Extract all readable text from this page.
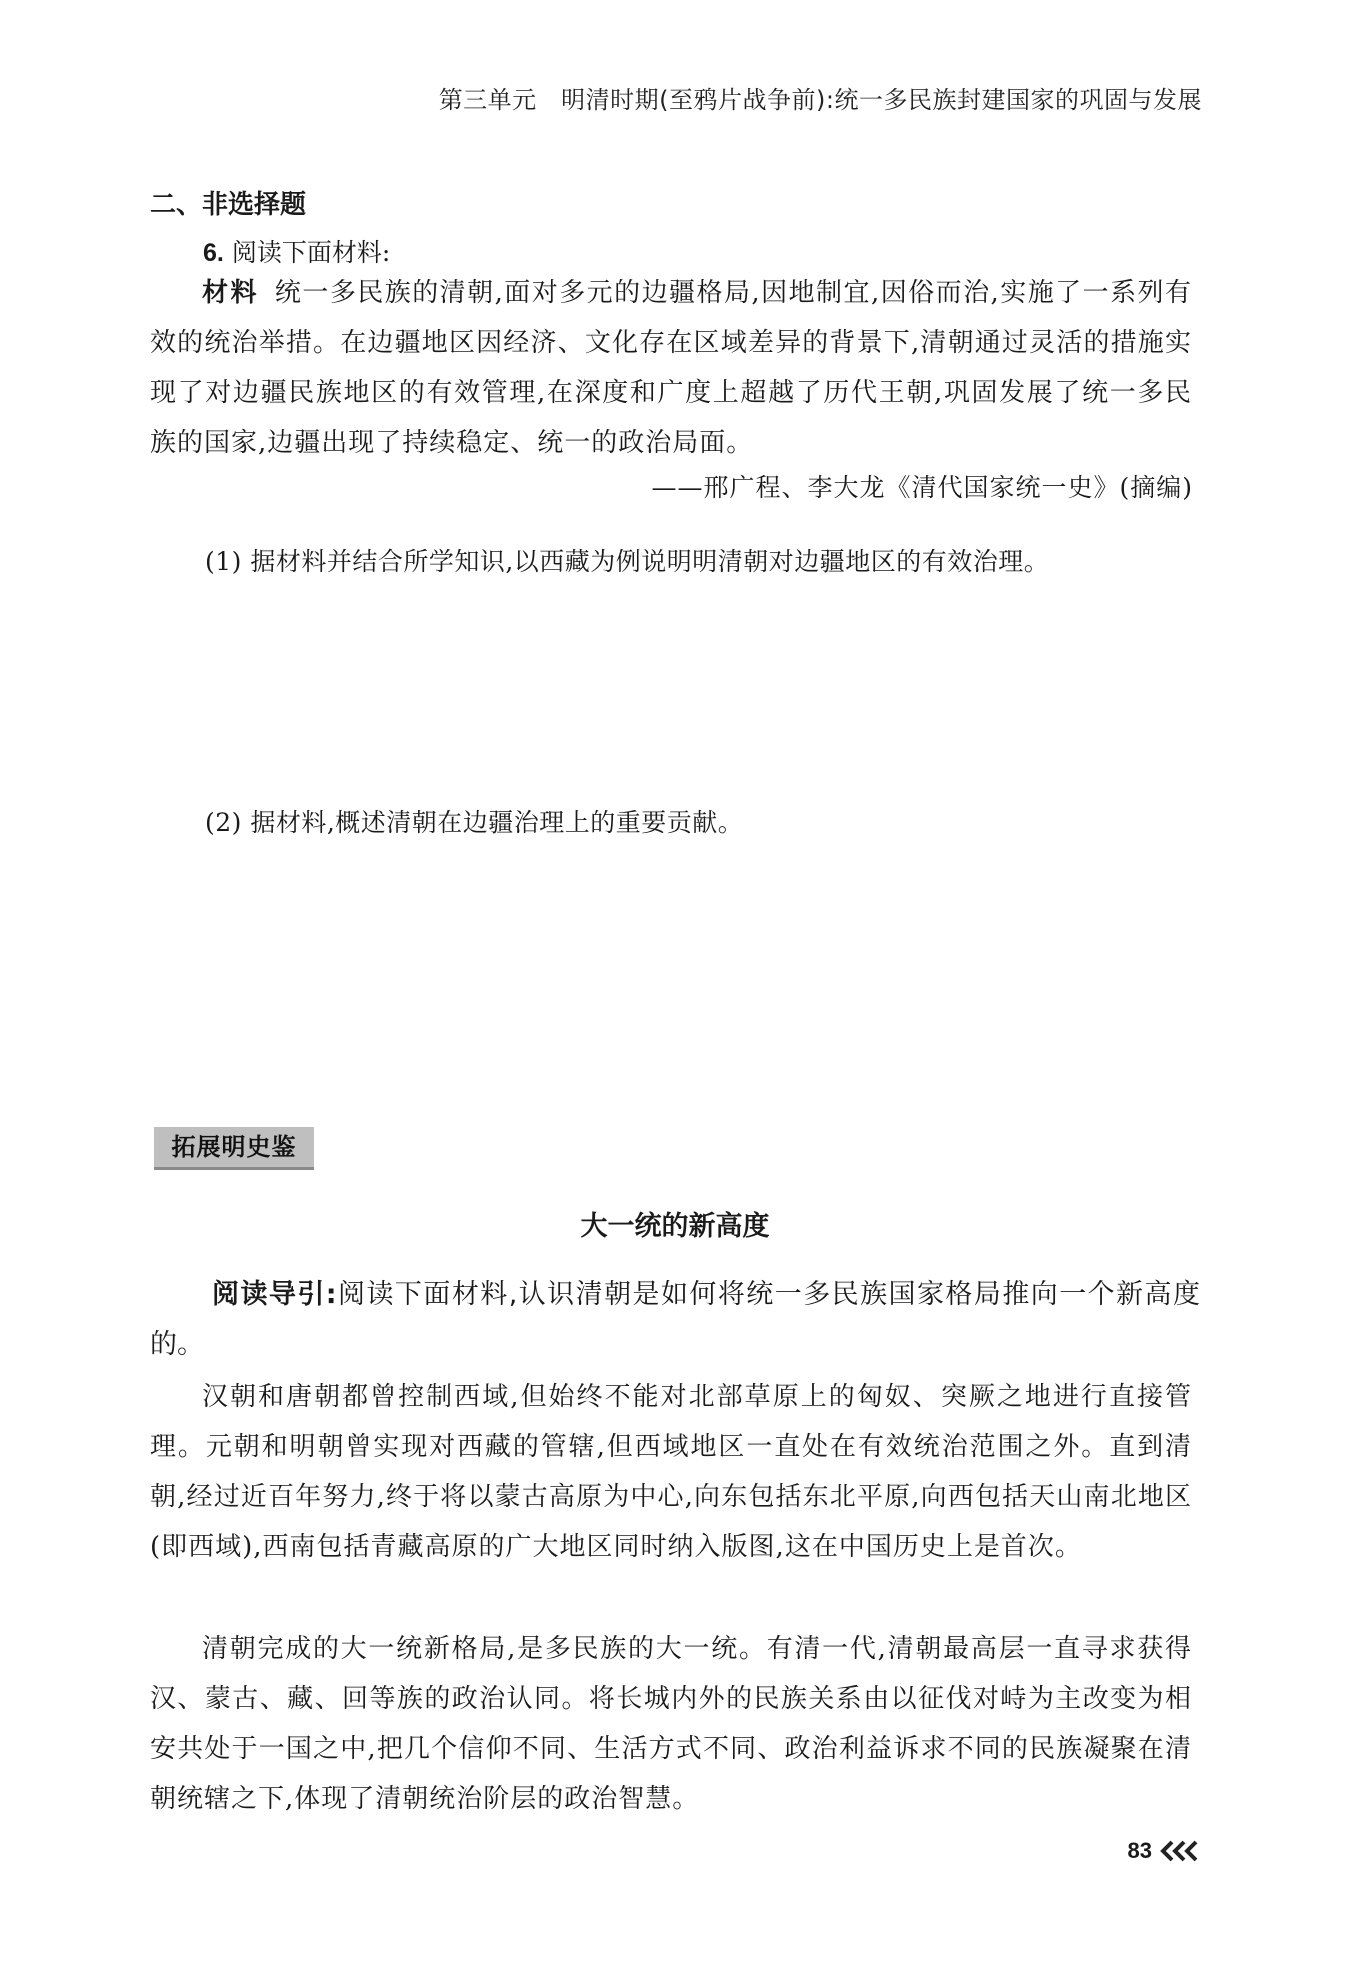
第三单元　明清时期(至鸦片战争前):统一多民族封建国家的巩固与发展
二、非选择题
6. 阅读下面材料:
材料 统一多民族的清朝,面对多元的边疆格局,因地制宜,因俗而治,实施了一系列有效的统治举措。在边疆地区因经济、文化存在区域差异的背景下,清朝通过灵活的措施实现了对边疆民族地区的有效管理,在深度和广度上超越了历代王朝,巩固发展了统一多民族的国家,边疆出现了持续稳定、统一的政治局面。
——邢广程、李大龙《清代国家统一史》(摘编)
(1) 据材料并结合所学知识,以西藏为例说明明清朝对边疆地区的有效治理。
(2) 据材料,概述清朝在边疆治理上的重要贡献。
拓展明史鉴
大一统的新高度
阅读导引:阅读下面材料,认识清朝是如何将统一多民族国家格局推向一个新高度的。
汉朝和唐朝都曾控制西域,但始终不能对北部草原上的匈奴、突厥之地进行直接管理。元朝和明朝曾实现对西藏的管辖,但西域地区一直处在有效统治范围之外。直到清朝,经过近百年努力,终于将以蒙古高原为中心,向东包括东北平原,向西包括天山南北地区(即西域),西南包括青藏高原的广大地区同时纳入版图,这在中国历史上是首次。
清朝完成的大一统新格局,是多民族的大一统。有清一代,清朝最高层一直寻求获得汉、蒙古、藏、回等族的政治认同。将长城内外的民族关系由以征伐对峙为主改变为相安共处于一国之中,把几个信仰不同、生活方式不同、政治利益诉求不同的民族凝聚在清朝统辖之下,体现了清朝统治阶层的政治智慧。
83
